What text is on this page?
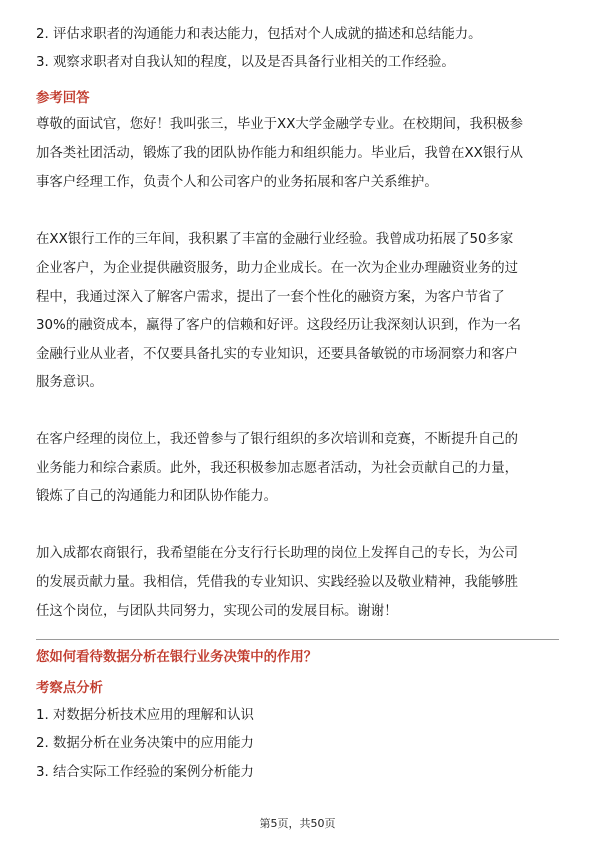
2. 评估求职者的沟通能力和表达能力，包括对个人成就的描述和总结能力。
3. 观察求职者对自我认知的程度，以及是否具备行业相关的工作经验。
参考回答
尊敬的面试官，您好！我叫张三，毕业于XX大学金融学专业。在校期间，我积极参
加各类社团活动，锻炼了我的团队协作能力和组织能力。毕业后，我曾在XX银行从
事客户经理工作，负责个人和公司客户的业务拓展和客户关系维护。
在XX银行工作的三年间，我积累了丰富的金融行业经验。我曾成功拓展了50多家
企业客户，为企业提供融资服务，助力企业成长。在一次为企业办理融资业务的过
程中，我通过深入了解客户需求，提出了一套个性化的融资方案，为客户节省了
30%的融资成本，赢得了客户的信赖和好评。这段经历让我深刻认识到，作为一名
金融行业从业者，不仅要具备扎实的专业知识，还要具备敏锐的市场洞察力和客户
服务意识。
在客户经理的岗位上，我还曾参与了银行组织的多次培训和竞赛，不断提升自己的
业务能力和综合素质。此外，我还积极参加志愿者活动，为社会贡献自己的力量，
锻炼了自己的沟通能力和团队协作能力。
加入成都农商银行，我希望能在分支行行长助理的岗位上发挥自己的专长，为公司
的发展贡献力量。我相信，凭借我的专业知识、实践经验以及敬业精神，我能够胜
任这个岗位，与团队共同努力，实现公司的发展目标。谢谢！
您如何看待数据分析在银行业务决策中的作用？
考察点分析
1. 对数据分析技术应用的理解和认识
2. 数据分析在业务决策中的应用能力
3. 结合实际工作经验的案例分析能力
第5页，共50页
